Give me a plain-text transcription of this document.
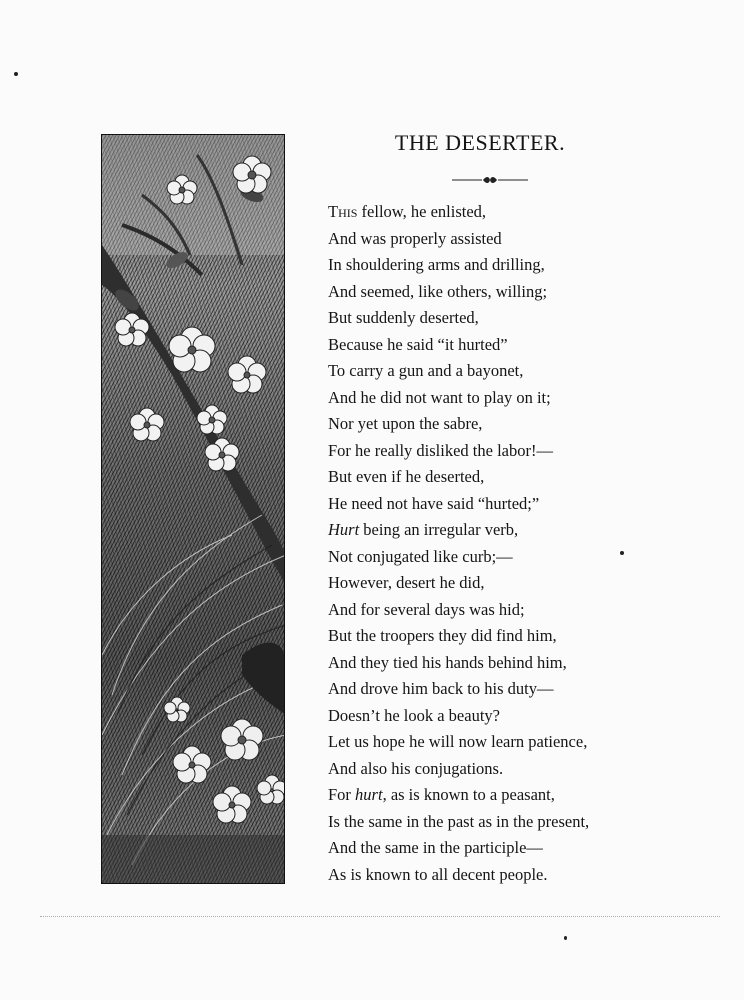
THE DESERTER.
This fellow, he enlisted,
And was properly assisted
In shouldering arms and drilling,
And seemed, like others, willing;
But suddenly deserted,
Because he said “it hurted”
To carry a gun and a bayonet,
And he did not want to play on it;
Nor yet upon the sabre,
For he really disliked the labor!—
But even if he deserted,
He need not have said “hurted;”
Hurt being an irregular verb,
Not conjugated like curb;—
However, desert he did,
And for several days was hid;
But the troopers they did find him,
And they tied his hands behind him,
And drove him back to his duty—
Doesn’t he look a beauty?
Let us hope he will now learn patience,
And also his conjugations.
For hurt, as is known to a peasant,
Is the same in the past as in the present,
And the same in the participle—
As is known to all decent people.
